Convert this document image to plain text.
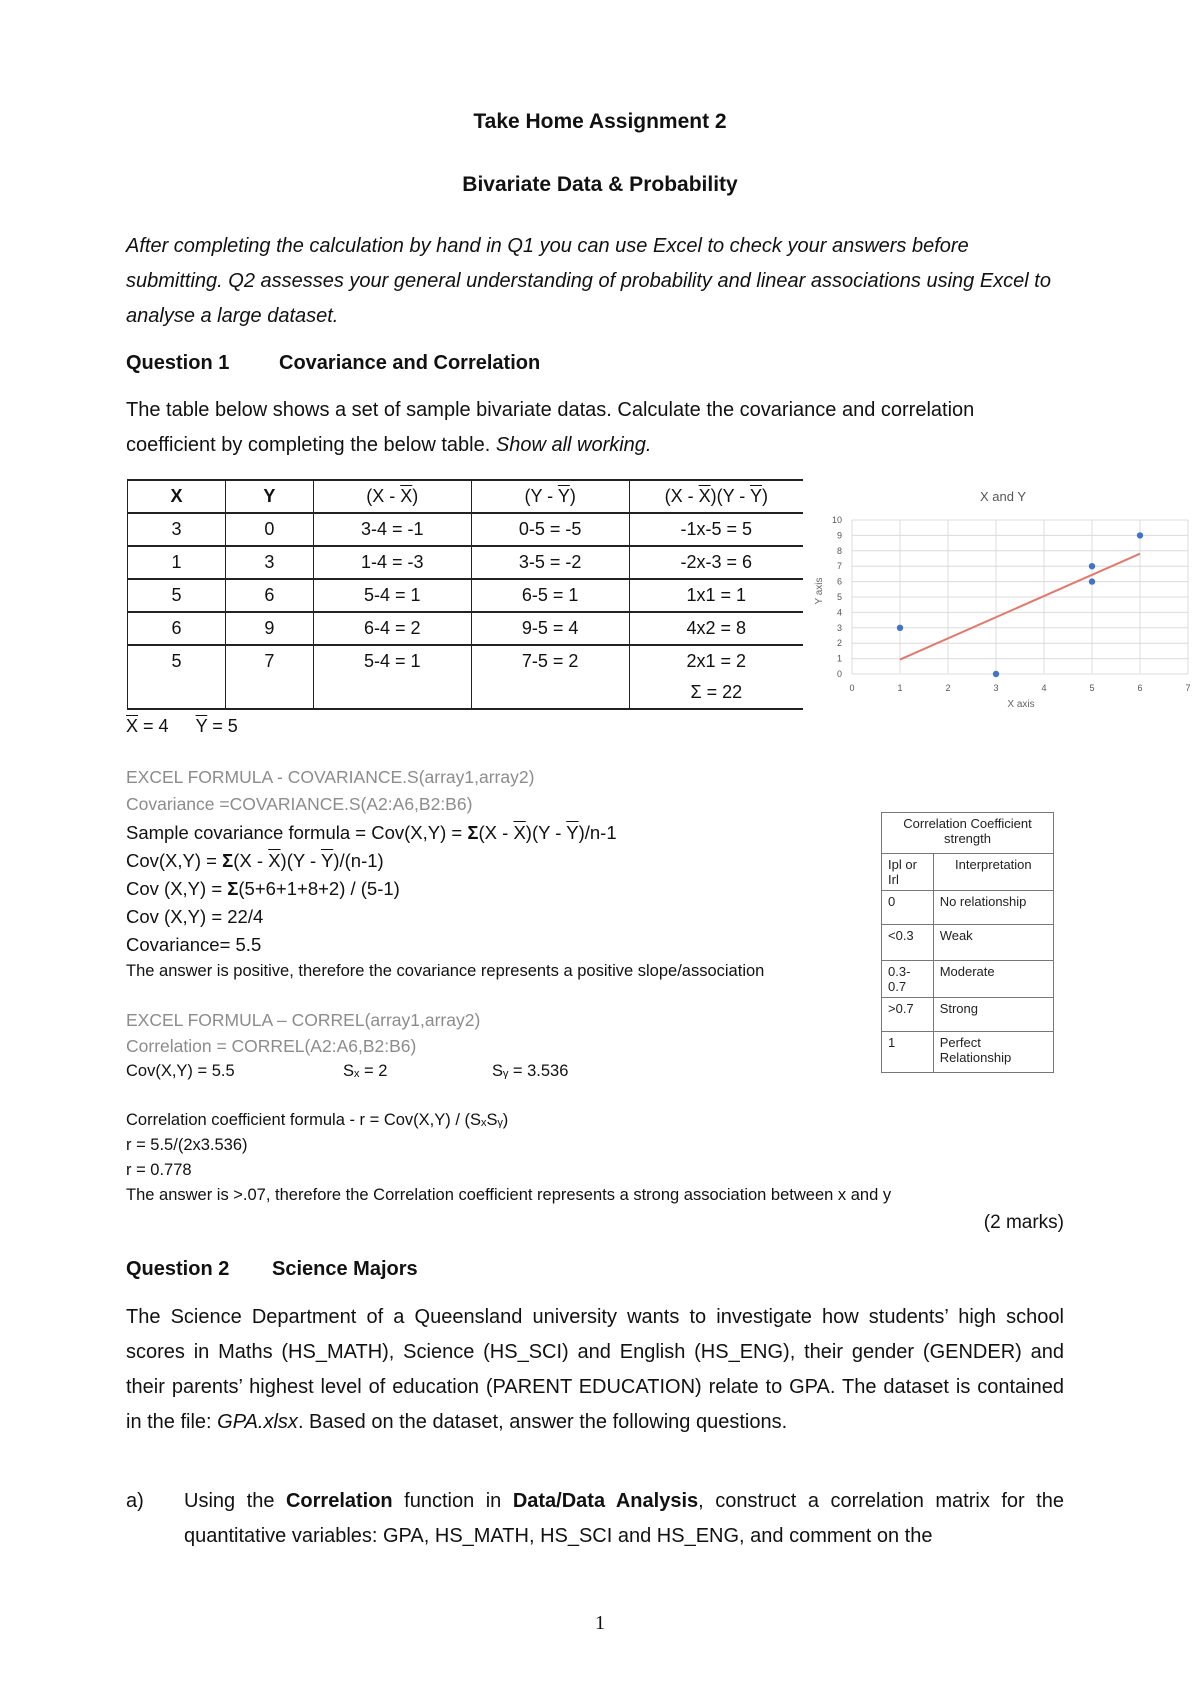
Take Home Assignment 2
Bivariate Data & Probability
After completing the calculation by hand in Q1 you can use Excel to check your answers before submitting. Q2 assesses your general understanding of probability and linear associations using Excel to analyse a large dataset.
Question 1 Covariance and Correlation
The table below shows a set of sample bivariate datas. Calculate the covariance and correlation coefficient by completing the below table. Show all working.
X	Y	$(X - \overline{X})$	$(Y - \overline{Y})$	$(X - \overline{X})(Y - \overline{Y})$
3	0	3-4 = -1	0-5 = -5	-1x-5 = 5
1	3	1-4 = -3	3-5 = -2	-2x-3 = 6
5	6	5-4 = 1	6-5 = 1	1x1 = 1
6	9	6-4 = 2	9-5 = 4	4x2 = 8
5	7	5-4 = 1	7-5 = 2	2x1 = 2
				Σ = 22
$\overline{X} = 4$ $\overline{Y} = 5$
X and Y
0
1
2
3
4
5
6
7
8
9
10
0	1	2	3	4	5	6	7
X axis
Y axis
EXCEL FORMULA - COVARIANCE.S(array1,array2)
Covariance =COVARIANCE.S(A2:A6,B2:B6)
Sample covariance formula = $Cov(X,Y) = \Sigma(X - \overline{X})(Y - \overline{Y})/n-1$
$Cov(X,Y) = \Sigma(X - \overline{X})(Y - \overline{Y})/(n-1)$
Cov (X,Y) = Σ(5+6+1+8+2) / (5-1)
Cov (X,Y) = 22/4
Covariance= 5.5
The answer is positive, therefore the covariance represents a positive slope/association
Correlation Coefficient strength	
Ipl or Irl	Interpretation
0	No relationship
<0.3	Weak
0.3-0.7	Moderate
>0.7	Strong
1	Perfect Relationship
EXCEL FORMULA – CORREL(array1,array2)
Correlation = CORREL(A2:A6,B2:B6)
Cov(X,Y) = 5.5	Sₓ = 2	Sᵧ = 3.536
Correlation coefficient formula - r = Cov(X,Y) / (SₓSᵧ)
r = 5.5/(2x3.536)
r = 0.778
The answer is >.07, therefore the Correlation coefficient represents a strong association between x and y
(2 marks)
Question 2 Science Majors
The Science Department of a Queensland university wants to investigate how students’ high school scores in Maths (HS_MATH), Science (HS_SCI) and English (HS_ENG), their gender (GENDER) and their parents’ highest level of education (PARENT EDUCATION) relate to GPA. The dataset is contained in the file: GPA.xlsx. Based on the dataset, answer the following questions.
a) Using the Correlation function in Data/Data Analysis, construct a correlation matrix for the quantitative variables: GPA, HS_MATH, HS_SCI and HS_ENG, and comment on the
1
